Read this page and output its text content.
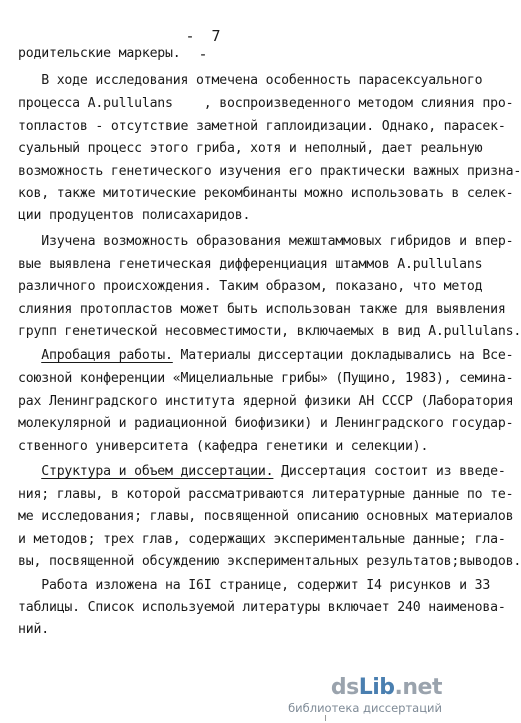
- 7 -
родительские маркеры.
В ходе исследования отмечена особенность парасексуального
процесса A.pullulans    , воспроизведенного методом слияния про-
топластов - отсутствие заметной гаплоидизации. Однако, парасек-
суальный процесс этого гриба, хотя и неполный, дает реальную
возможность генетического изучения его практически важных призна-
ков, также митотические рекомбинанты можно использовать в селек-
ции продуцентов полисахаридов.
Изучена возможность образования межштаммовых гибридов и впер-
вые выявлена генетическая дифференциация штаммов A.pullulans
различного происхождения. Таким образом, показано, что метод
слияния протопластов может быть использован также для выявления
групп генетической несовместимости, включаемых в вид A.pullulans.
Апробация работы. Материалы диссертации докладывались на Все-
союзной конференции «Мицелиальные грибы» (Пущино, 1983), семина-
рах Ленинградского института ядерной физики АН СССР (Лаборатория
молекулярной и радиационной биофизики) и Ленинградского государ-
ственного университета (кафедра генетики и селекции).
Структура и объем диссертации. Диссертация состоит из введе-
ния; главы, в которой рассматриваются литературные данные по те-
ме исследования; главы, посвященной описанию основных материалов
и методов; трех глав, содержащих экспериментальные данные; гла-
вы, посвященной обсуждению экспериментальных результатов;выводов.
Работа изложена на I6I странице, содержит I4 рисунков и 33
таблицы. Список используемой литературы включает 240 наименова-
ний.
dsLib.net
библиотека диссертаций
